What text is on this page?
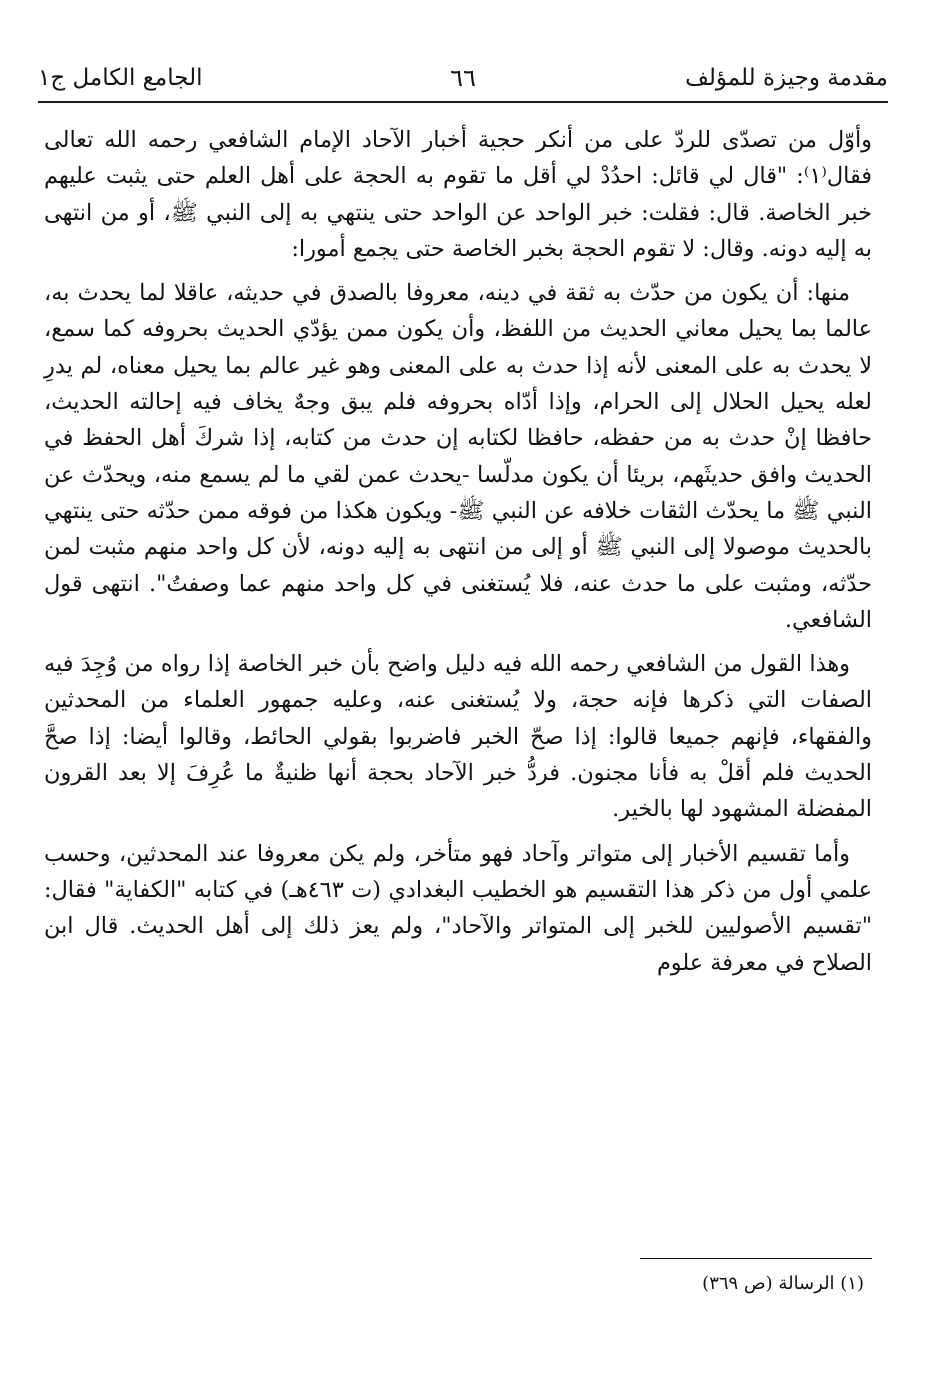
مقدمة وجيزة للمؤلف
٦٦
الجامع الكامل ج١

وأوّل من تصدّى للردّ على من أنكر حجية أخبار الآحاد الإمام الشافعي رحمه الله تعالى فقال⁽١⁾: "قال لي قائل: احدُدْ لي أقل ما تقوم به الحجة على أهل العلم حتى يثبت عليهم خبر الخاصة. قال: فقلت: خبر الواحد عن الواحد حتى ينتهي به إلى النبي ﷺ، أو من انتهى به إليه دونه. وقال: لا تقوم الحجة بخبر الخاصة حتى يجمع أمورا:

منها: أن يكون من حدّث به ثقة في دينه، معروفا بالصدق في حديثه، عاقلا لما يحدث به، عالما بما يحيل معاني الحديث من اللفظ، وأن يكون ممن يؤدّي الحديث بحروفه كما سمع، لا يحدث به على المعنى لأنه إذا حدث به على المعنى وهو غير عالم بما يحيل معناه، لم يدرِ لعله يحيل الحلال إلى الحرام، وإذا أدّاه بحروفه فلم يبق وجهٌ يخاف فيه إحالته الحديث، حافظا إنْ حدث به من حفظه، حافظا لكتابه إن حدث من كتابه، إذا شركَ أهل الحفظ في الحديث وافق حديثَهم، بريئا أن يكون مدلّسا -يحدث عمن لقي ما لم يسمع منه، ويحدّث عن النبي ﷺ ما يحدّث الثقات خلافه عن النبي ﷺ- ويكون هكذا من فوقه ممن حدّثه حتى ينتهي بالحديث موصولا إلى النبي ﷺ أو إلى من انتهى به إليه دونه، لأن كل واحد منهم مثبت لمن حدّثه، ومثبت على ما حدث عنه، فلا يُستغنى في كل واحد منهم عما وصفتُ". انتهى قول الشافعي.

وهذا القول من الشافعي رحمه الله فيه دليل واضح بأن خبر الخاصة إذا رواه من وُجِدَ فيه الصفات التي ذكرها فإنه حجة، ولا يُستغنى عنه، وعليه جمهور العلماء من المحدثين والفقهاء، فإنهم جميعا قالوا: إذا صحّ الخبر فاضربوا بقولي الحائط، وقالوا أيضا: إذا صحَّ الحديث فلم أقلْ به فأنا مجنون. فردُّ خبر الآحاد بحجة أنها ظنيةٌ ما عُرِفَ إلا بعد القرون المفضلة المشهود لها بالخير.

وأما تقسيم الأخبار إلى متواتر وآحاد فهو متأخر، ولم يكن معروفا عند المحدثين، وحسب علمي أول من ذكر هذا التقسيم هو الخطيب البغدادي (ت ٤٦٣هـ) في كتابه "الكفاية" فقال: "تقسيم الأصوليين للخبر إلى المتواتر والآحاد"، ولم يعز ذلك إلى أهل الحديث. قال ابن الصلاح في معرفة علوم

(١) الرسالة (ص ٣٦٩)
